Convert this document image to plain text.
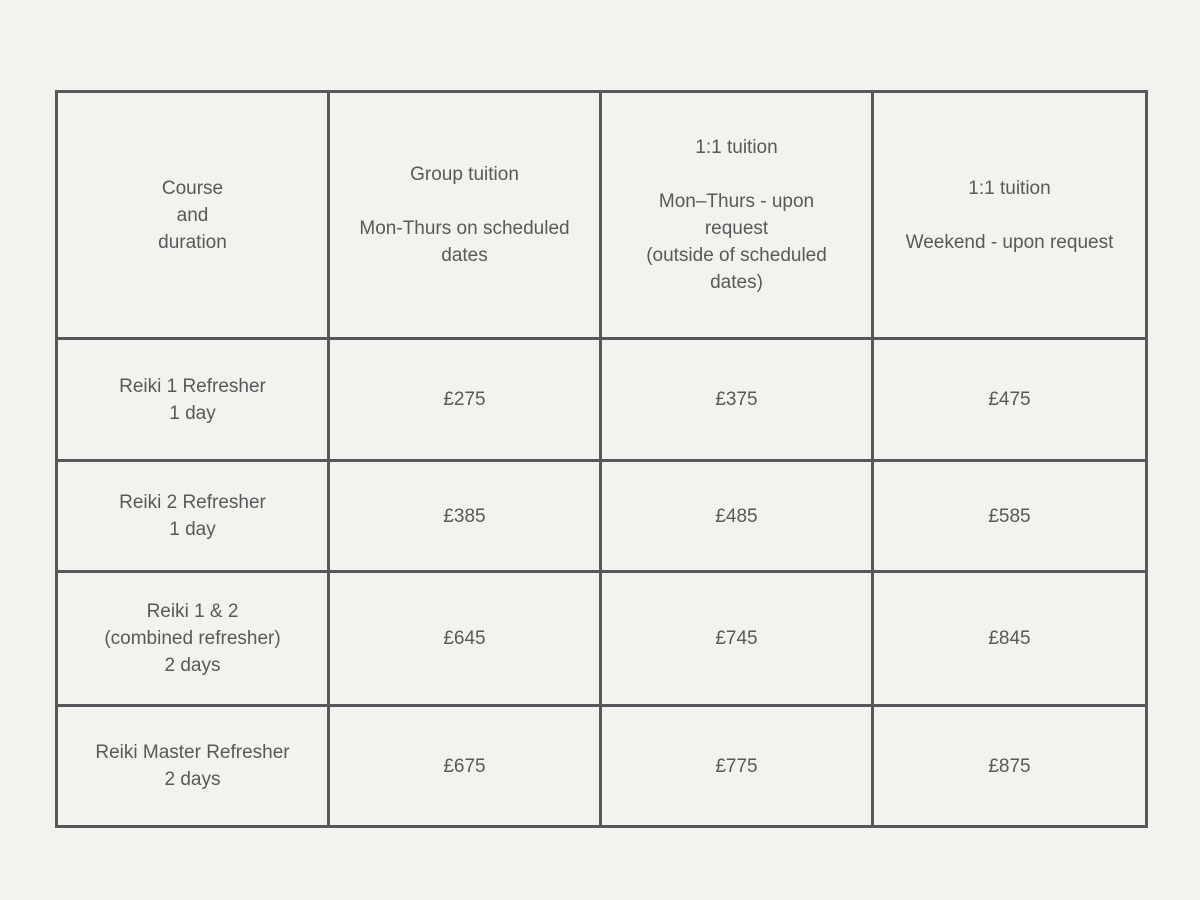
Course
and
duration	Group tuition
Mon-Thurs on scheduled
dates	1:1 tuition
Mon–Thurs - upon
request
(outside of scheduled
dates)	1:1 tuition
Weekend - upon request

Reiki 1 Refresher
1 day	£275	£375	£475

Reiki 2 Refresher
1 day	£385	£485	£585

Reiki 1 & 2
(combined refresher)
2 days	£645	£745	£845

Reiki Master Refresher
2 days	£675	£775	£875
